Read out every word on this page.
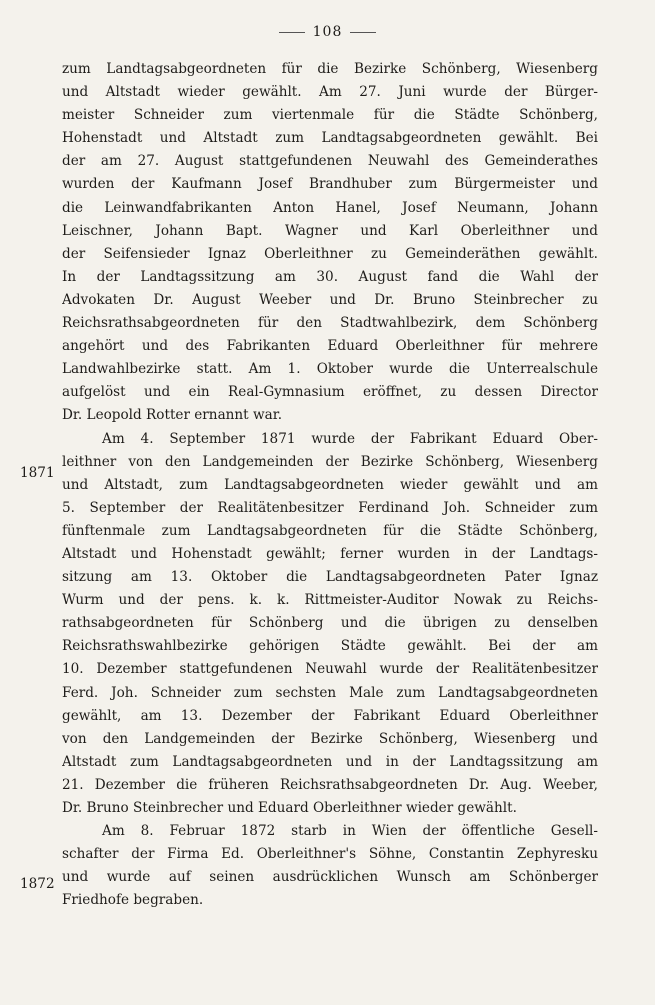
108
1871
1872
zum Landtagsabgeordneten für die Bezirke Schönberg, Wiesenberg
und Altstadt wieder gewählt. Am 27. Juni wurde der Bürger-
meister Schneider zum viertenmale für die Städte Schönberg,
Hohenstadt und Altstadt zum Landtagsabgeordneten gewählt. Bei
der am 27. August stattgefundenen Neuwahl des Gemeinderathes
wurden der Kaufmann Josef Brandhuber zum Bürgermeister und
die Leinwandfabrikanten Anton Hanel, Josef Neumann, Johann
Leischner, Johann Bapt. Wagner und Karl Oberleithner und
der Seifensieder Ignaz Oberleithner zu Gemeinderäthen gewählt.
In der Landtagssitzung am 30. August fand die Wahl der
Advokaten Dr. August Weeber und Dr. Bruno Steinbrecher zu
Reichsrathsabgeordneten für den Stadtwahlbezirk, dem Schönberg
angehört und des Fabrikanten Eduard Oberleithner für mehrere
Landwahlbezirke statt. Am 1. Oktober wurde die Unterrealschule
aufgelöst und ein Real-Gymnasium eröffnet, zu dessen Director
Dr. Leopold Rotter ernannt war.
Am 4. September 1871 wurde der Fabrikant Eduard Ober-
leithner von den Landgemeinden der Bezirke Schönberg, Wiesenberg
und Altstadt, zum Landtagsabgeordneten wieder gewählt und am
5. September der Realitätenbesitzer Ferdinand Joh. Schneider zum
fünftenmale zum Landtagsabgeordneten für die Städte Schönberg,
Altstadt und Hohenstadt gewählt; ferner wurden in der Landtags-
sitzung am 13. Oktober die Landtagsabgeordneten Pater Ignaz
Wurm und der pens. k. k. Rittmeister-Auditor Nowak zu Reichs-
rathsabgeordneten für Schönberg und die übrigen zu denselben
Reichsrathswahlbezirke gehörigen Städte gewählt. Bei der am
10. Dezember stattgefundenen Neuwahl wurde der Realitätenbesitzer
Ferd. Joh. Schneider zum sechsten Male zum Landtagsabgeordneten
gewählt, am 13. Dezember der Fabrikant Eduard Oberleithner
von den Landgemeinden der Bezirke Schönberg, Wiesenberg und
Altstadt zum Landtagsabgeordneten und in der Landtagssitzung am
21. Dezember die früheren Reichsrathsabgeordneten Dr. Aug. Weeber,
Dr. Bruno Steinbrecher und Eduard Oberleithner wieder gewählt.
Am 8. Februar 1872 starb in Wien der öffentliche Gesell-
schafter der Firma Ed. Oberleithner's Söhne, Constantin Zephyresku
und wurde auf seinen ausdrücklichen Wunsch am Schönberger
Friedhofe begraben.
